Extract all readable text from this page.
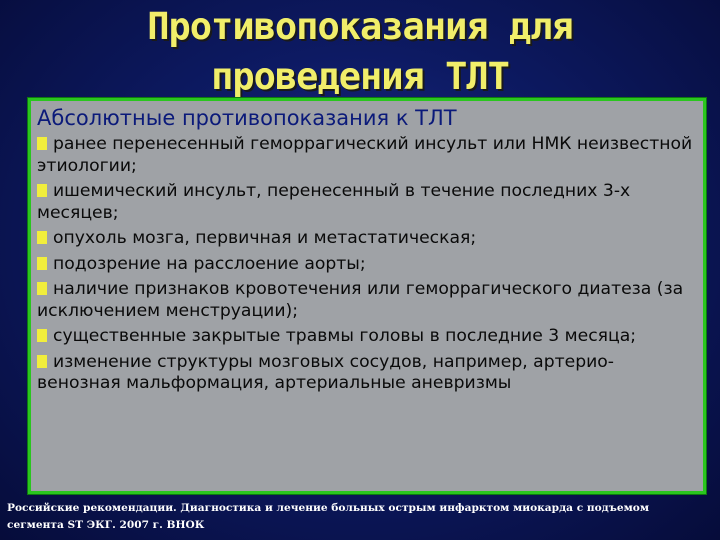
Противопоказания для
проведения ТЛТ
Абсолютные противопоказания к ТЛТ
ранее перенесенный геморрагический инсульт или НМК неизвестной этиологии;
ишемический инсульт, перенесенный в течение последних 3-х месяцев;
опухоль мозга, первичная и метастатическая;
подозрение на расслоение аорты;
наличие признаков кровотечения или геморрагического диатеза (за исключением менструации);
существенные закрытые травмы головы в последние 3 месяца;
изменение структуры мозговых сосудов, например, артерио-венозная мальформация, артериальные аневризмы

Российские рекомендации. Диагностика и лечение больных острым инфарктом миокарда с подъемом сегмента ST ЭКГ. 2007 г. ВНОК
